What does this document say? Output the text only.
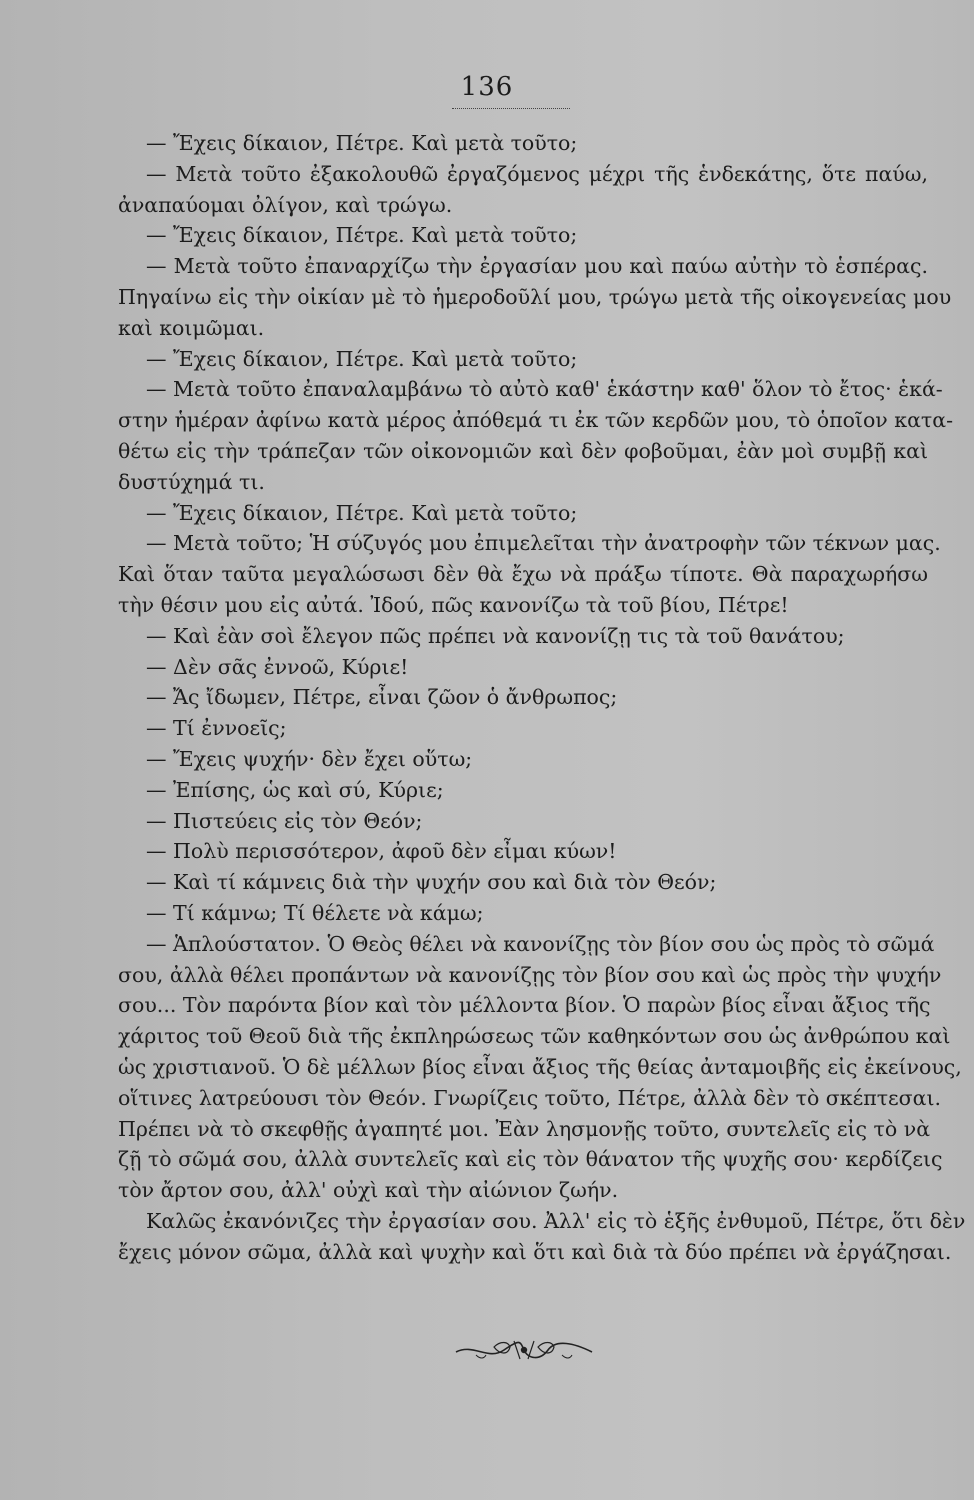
136
— Ἔχεις δίκαιον, Πέτρε. Καὶ μετὰ τοῦτο;
— Μετὰ τοῦτο ἐξακολουθῶ ἐργαζόμενος μέχρι τῆς ἑνδεκάτης, ὅτε παύω,
ἀναπαύομαι ὀλίγον, καὶ τρώγω.
— Ἔχεις δίκαιον, Πέτρε. Καὶ μετὰ τοῦτο;
— Μετὰ τοῦτο ἐπαναρχίζω τὴν ἐργασίαν μου καὶ παύω αὐτὴν τὸ ἑσπέρας.
Πηγαίνω εἰς τὴν οἰκίαν μὲ τὸ ἡμεροδοῦλί μου, τρώγω μετὰ τῆς οἰκογενείας μου
καὶ κοιμῶμαι.
— Ἔχεις δίκαιον, Πέτρε. Καὶ μετὰ τοῦτο;
— Μετὰ τοῦτο ἐπαναλαμβάνω τὸ αὐτὸ καθ' ἑκάστην καθ' ὅλον τὸ ἔτος· ἑκά-
στην ἡμέραν ἀφίνω κατὰ μέρος ἀπόθεμά τι ἐκ τῶν κερδῶν μου, τὸ ὁποῖον κατα-
θέτω εἰς τὴν τράπεζαν τῶν οἰκονομιῶν καὶ δὲν φοβοῦμαι, ἐὰν μοὶ συμβῇ καὶ
δυστύχημά τι.
— Ἔχεις δίκαιον, Πέτρε. Καὶ μετὰ τοῦτο;
— Μετὰ τοῦτο; Ἡ σύζυγός μου ἐπιμελεῖται τὴν ἀνατροφὴν τῶν τέκνων μας.
Καὶ ὅταν ταῦτα μεγαλώσωσι δὲν θὰ ἔχω νὰ πράξω τίποτε. Θὰ παραχωρήσω
τὴν θέσιν μου εἰς αὐτά. Ἰδού, πῶς κανονίζω τὰ τοῦ βίου, Πέτρε!
— Καὶ ἐὰν σοὶ ἔλεγον πῶς πρέπει νὰ κανονίζῃ τις τὰ τοῦ θανάτου;
— Δὲν σᾶς ἐννοῶ, Κύριε!
— Ἄς ἴδωμεν, Πέτρε, εἶναι ζῶον ὁ ἄνθρωπος;
— Τί ἐννοεῖς;
— Ἔχεις ψυχήν· δὲν ἔχει οὕτω;
— Ἐπίσης, ὡς καὶ σύ, Κύριε;
— Πιστεύεις εἰς τὸν Θεόν;
— Πολὺ περισσότερον, ἀφοῦ δὲν εἶμαι κύων!
— Καὶ τί κάμνεις διὰ τὴν ψυχήν σου καὶ διὰ τὸν Θεόν;
— Τί κάμνω; Τί θέλετε νὰ κάμω;
— Ἁπλούστατον. Ὁ Θεὸς θέλει νὰ κανονίζῃς τὸν βίον σου ὡς πρὸς τὸ σῶμά
σου, ἀλλὰ θέλει προπάντων νὰ κανονίζῃς τὸν βίον σου καὶ ὡς πρὸς τὴν ψυχήν
σου... Τὸν παρόντα βίον καὶ τὸν μέλλοντα βίον. Ὁ παρὼν βίος εἶναι ἄξιος τῆς
χάριτος τοῦ Θεοῦ διὰ τῆς ἐκπληρώσεως τῶν καθηκόντων σου ὡς ἀνθρώπου καὶ
ὡς χριστιανοῦ. Ὁ δὲ μέλλων βίος εἶναι ἄξιος τῆς θείας ἀνταμοιβῆς εἰς ἐκείνους,
οἵτινες λατρεύουσι τὸν Θεόν. Γνωρίζεις τοῦτο, Πέτρε, ἀλλὰ δὲν τὸ σκέπτεσαι.
Πρέπει νὰ τὸ σκεφθῇς ἀγαπητέ μοι. Ἐὰν λησμονῇς τοῦτο, συντελεῖς εἰς τὸ νὰ
ζῇ τὸ σῶμά σου, ἀλλὰ συντελεῖς καὶ εἰς τὸν θάνατον τῆς ψυχῆς σου· κερδίζεις
τὸν ἄρτον σου, ἀλλ' οὐχὶ καὶ τὴν αἰώνιον ζωήν.
Καλῶς ἐκανόνιζες τὴν ἐργασίαν σου. Ἀλλ' εἰς τὸ ἑξῆς ἐνθυμοῦ, Πέτρε, ὅτι δὲν
ἔχεις μόνον σῶμα, ἀλλὰ καὶ ψυχὴν καὶ ὅτι καὶ διὰ τὰ δύο πρέπει νὰ ἐργάζησαι.
